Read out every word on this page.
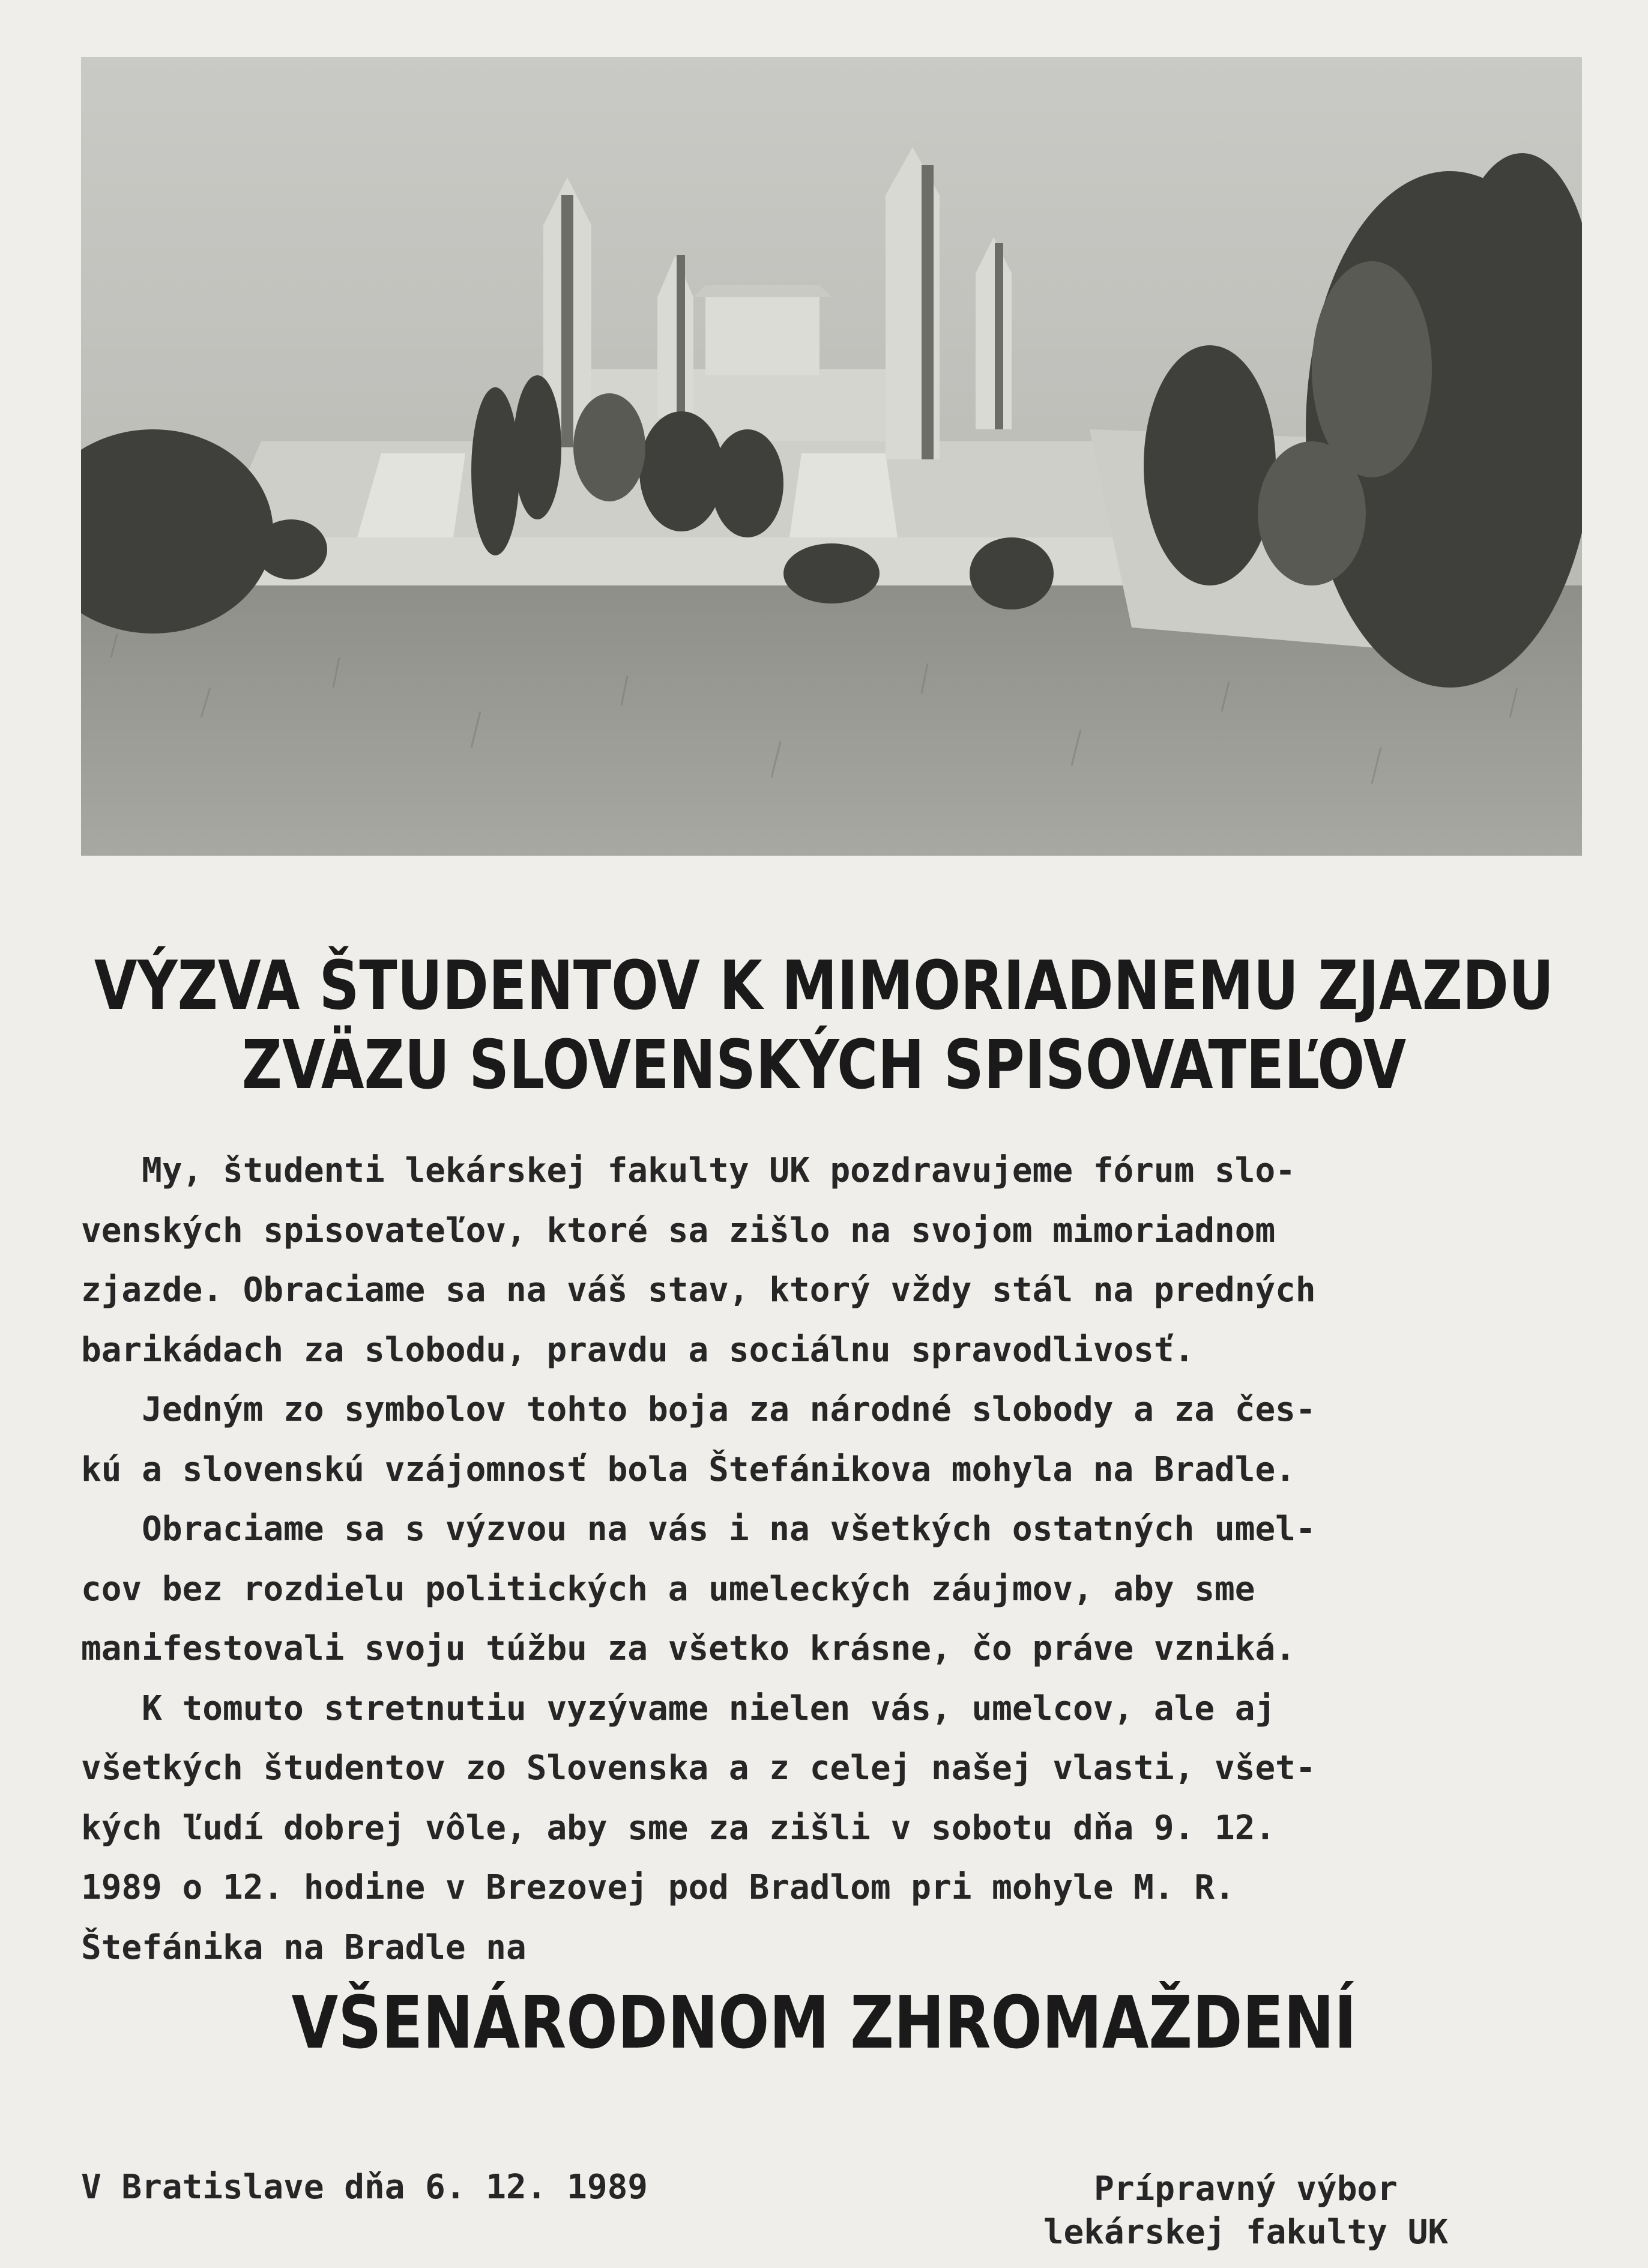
VÝZVA ŠTUDENTOV K MIMORIADNEMU ZJAZDU
ZVÄZU SLOVENSKÝCH SPISOVATEĽOV
My, študenti lekárskej fakulty UK pozdravujeme fórum slo-
venských spisovateľov, ktoré sa zišlo na svojom mimoriadnom
zjazde. Obraciame sa na váš stav, ktorý vždy stál na predných
barikádach za slobodu, pravdu a sociálnu spravodlivosť.
Jedným zo symbolov tohto boja za národné slobody a za čes-
kú a slovenskú vzájomnosť bola Štefánikova mohyla na Bradle.
Obraciame sa s výzvou na vás i na všetkých ostatných umel-
cov bez rozdielu politických a umeleckých záujmov, aby sme
manifestovali svoju túžbu za všetko krásne, čo práve vzniká.
K tomuto stretnutiu vyzývame nielen vás, umelcov, ale aj
všetkých študentov zo Slovenska a z celej našej vlasti, všet-
kých ľudí dobrej vôle, aby sme za zišli v sobotu dňa 9. 12.
1989 o 12. hodine v Brezovej pod Bradlom pri mohyle M. R.
Štefánika na Bradle na
VŠENÁRODNOM ZHROMAŽDENÍ
V Bratislave dňa 6. 12. 1989	Prípravný výbor
lekárskej fakulty UK
